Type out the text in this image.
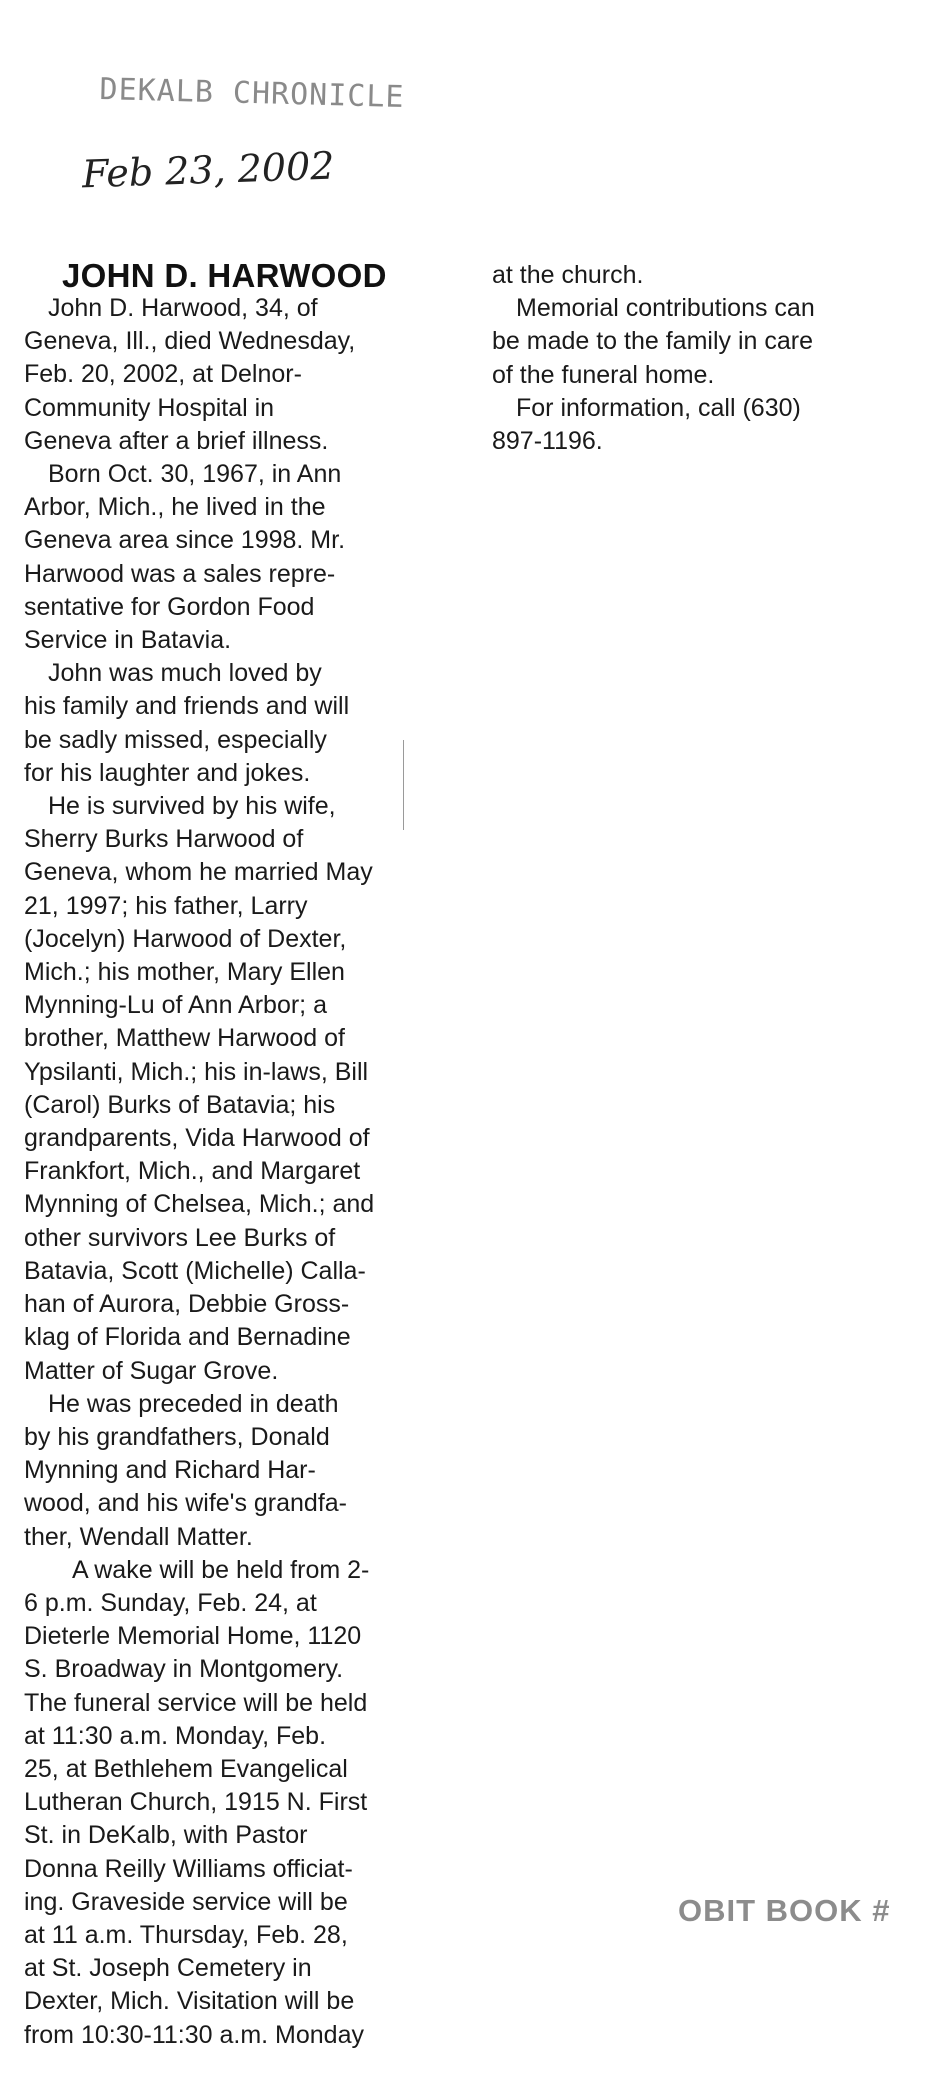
DEKALB CHRONICLE
Feb 23, 2002
JOHN D. HARWOOD
John D. Harwood, 34, of
Geneva, Ill., died Wednesday,
Feb. 20, 2002, at Delnor-
Community Hospital in
Geneva after a brief illness.
Born Oct. 30, 1967, in Ann
Arbor, Mich., he lived in the
Geneva area since 1998. Mr.
Harwood was a sales repre-
sentative for Gordon Food
Service in Batavia.
John was much loved by
his family and friends and will
be sadly missed, especially
for his laughter and jokes.
He is survived by his wife,
Sherry Burks Harwood of
Geneva, whom he married May
21, 1997; his father, Larry
(Jocelyn) Harwood of Dexter,
Mich.; his mother, Mary Ellen
Mynning-Lu of Ann Arbor; a
brother, Matthew Harwood of
Ypsilanti, Mich.; his in-laws, Bill
(Carol) Burks of Batavia; his
grandparents, Vida Harwood of
Frankfort, Mich., and Margaret
Mynning of Chelsea, Mich.; and
other survivors Lee Burks of
Batavia, Scott (Michelle) Calla-
han of Aurora, Debbie Gross-
klag of Florida and Bernadine
Matter of Sugar Grove.
He was preceded in death
by his grandfathers, Donald
Mynning and Richard Har-
wood, and his wife's grandfa-
ther, Wendall Matter.
A wake will be held from 2-
6 p.m. Sunday, Feb. 24, at
Dieterle Memorial Home, 1120
S. Broadway in Montgomery.
The funeral service will be held
at 11:30 a.m. Monday, Feb.
25, at Bethlehem Evangelical
Lutheran Church, 1915 N. First
St. in DeKalb, with Pastor
Donna Reilly Williams officiat-
ing. Graveside service will be
at 11 a.m. Thursday, Feb. 28,
at St. Joseph Cemetery in
Dexter, Mich. Visitation will be
from 10:30-11:30 a.m. Monday
at the church.
Memorial contributions can
be made to the family in care
of the funeral home.
For information, call (630)
897-1196.
OBIT BOOK #
